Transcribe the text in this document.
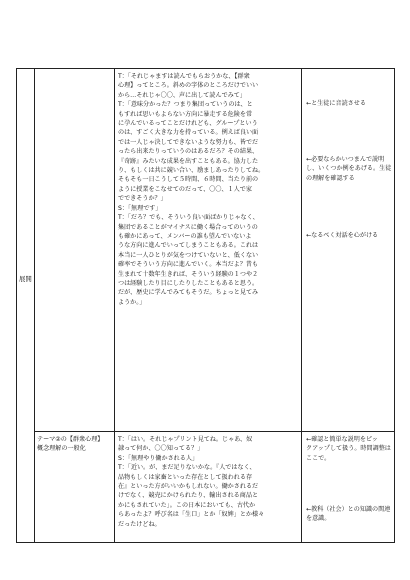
展開
テーマ②の【群衆心理】
概念理解の一般化
T：「それじゃますは読んでもらおうかな、【群衆
心理】ってところ。斜めの字体のところだけでいい
から…それじゃ〇〇、声に出して読んでみて」
T：「意味分かった？つまり集団っていうのは、と
もすれば思いもよらない方向に暴走する危険を常
に孕んでいるってことだけれども、グループという
のは、すごく大きな力を持っている。例えば良い面
では一人じゃ決してできないような努力も、皆でだ
ったら出来たりっていうのはあるだろ？その結果、
『奇跡』みたいな成果を出すこともある。協力した
り、もしくは共に競い合い、励ましあったりしてね。
そもそも一日こうして５時間、６時間、当たり前の
ように授業をこなせてのだって、〇〇、１人で家
でできそうか？」
S：「無理です」
T：「だろ？でも、そういう良い面ばかりじゃなく、
集団であることがマイナスに働く場合ってのいうの
も確かにあって、メンバーの誰も望んでいないよ
うな方向に進んでいってしまうこともある。これは
本当に一人ひとりが気をつけていないと、低くない
確率でそういう方向に進んでいく。本当だよ？昔も
生まれて十数年生きれば、そういう経験の１つや２
つは経験したり目にしたりしたこともあると思う。
だが、歴史に学んでみてもそうだ。ちょっと見てみ
ようか。」
T：「はい。それじゃプリント見てね。じゃあ、奴
隷って何か、〇〇知ってる？」
S：「無理やり働かされる人」
T：「近い。が、まだ足りないかな。『人ではなく、
品物もしくは家畜といった存在として扱われる存
在』といった方がいいかもしれない。働かされるだ
けでなく、競売にかけられたり、輸出される商品と
かにもされていた」。この日本においても、古代か
らあったよ？呼び名は「生口」とか「奴婢」とか様々
だったけどね。
←と生徒に音読させる
←必要ならかいつまんで説明
し、いくつか例をあげる。生徒
の理解を確認する
←なるべく対話を心がける
←確認と簡単な説明をピッ
クアップして扱う。時間調整は
ここで。
←教科（社会）との知識の関連
を意識。
